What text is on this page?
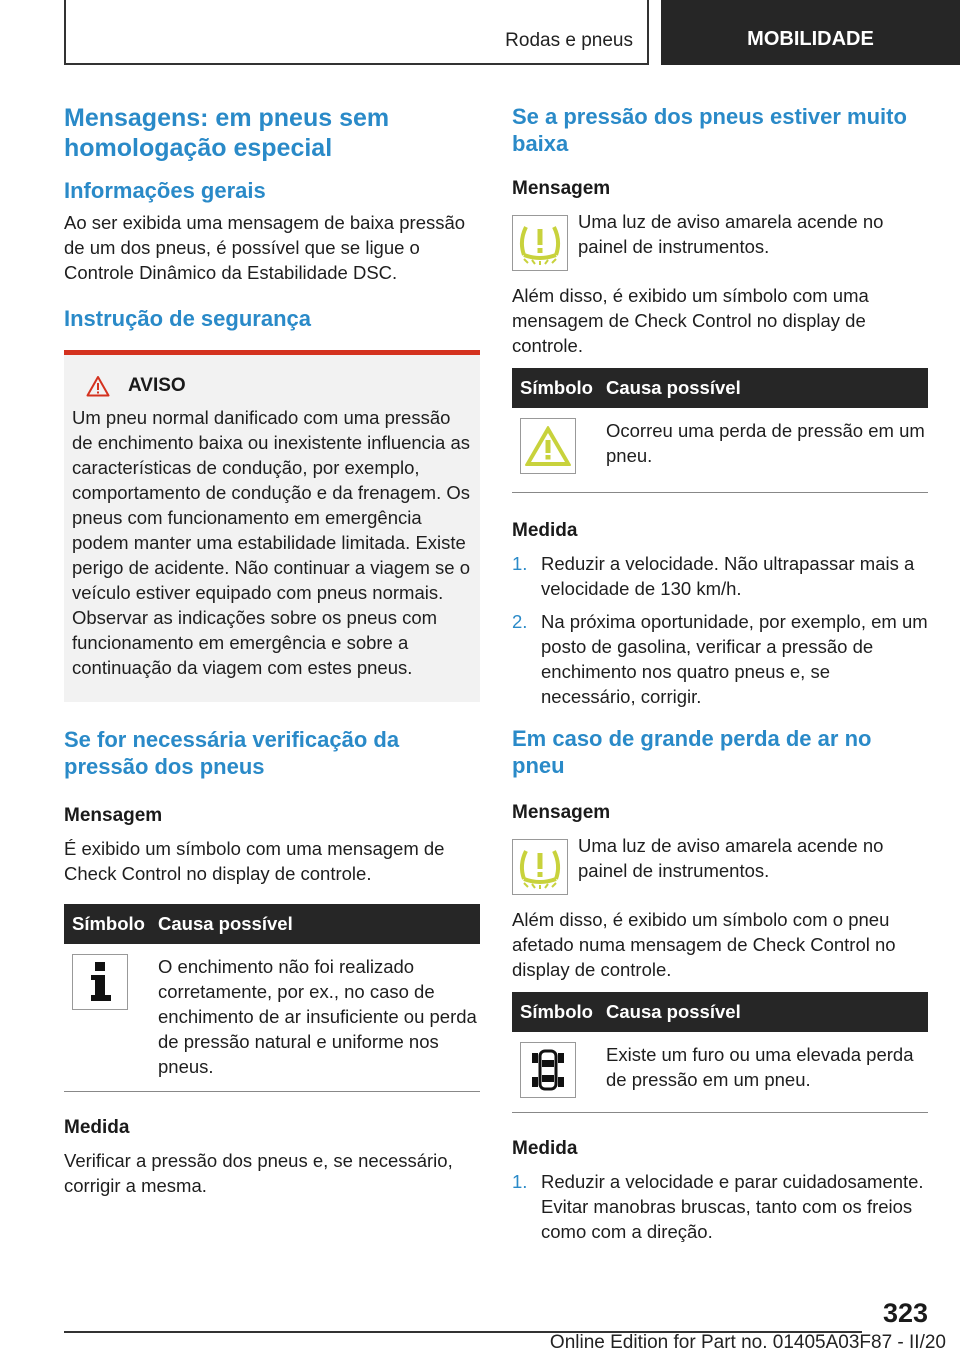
Rodas e pneus	MOBILIDADE
Mensagens: em pneus sem homologação especial
Informações gerais

Ao ser exibida uma mensagem de baixa pressão de um dos pneus, é possível que se ligue o Controle Dinâmico da Estabilidade DSC.

Instrução de segurança
AVISO

Um pneu normal danificado com uma pressão de enchimento baixa ou inexistente influencia as características de condução, por exemplo, comportamento de condução e da frenagem. Os pneus com funcionamento em emergência podem manter uma estabilidade limitada. Existe perigo de acidente. Não continuar a viagem se o veículo estiver equipado com pneus normais. Observar as indicações sobre os pneus com funcionamento em emergência e sobre a continuação da viagem com estes pneus.

Se for necessária verificação da pressão dos pneus
Mensagem

É exibido um símbolo com uma mensagem de Check Control no display de controle.

Símbolo Causa possível
O enchimento não foi realizado corretamente, por ex., no caso de enchimento de ar insuficiente ou perda de pressão natural e uniforme nos pneus.
Medida

Verificar a pressão dos pneus e, se necessário, corrigir a mesma.

Se a pressão dos pneus estiver muito baixa
Mensagem
Uma luz de aviso amarela acende no painel de instrumentos.

Além disso, é exibido um símbolo com uma mensagem de Check Control no display de controle.

Símbolo Causa possível
Ocorreu uma perda de pressão em um pneu.
Medida
1. Reduzir a velocidade. Não ultrapassar mais a velocidade de 130 km/h.
2. Na próxima oportunidade, por exemplo, em um posto de gasolina, verificar a pressão de enchimento nos quatro pneus e, se necessário, corrigir.
Em caso de grande perda de ar no pneu
Mensagem
Uma luz de aviso amarela acende no painel de instrumentos.

Além disso, é exibido um símbolo com o pneu afetado numa mensagem de Check Control no display de controle.

Símbolo Causa possível
Existe um furo ou uma elevada perda de pressão em um pneu.
Medida
1. Reduzir a velocidade e parar cuidadosamente. Evitar manobras bruscas, tanto com os freios como com a direção.
323
Online Edition for Part no. 01405A03F87 - II/20
